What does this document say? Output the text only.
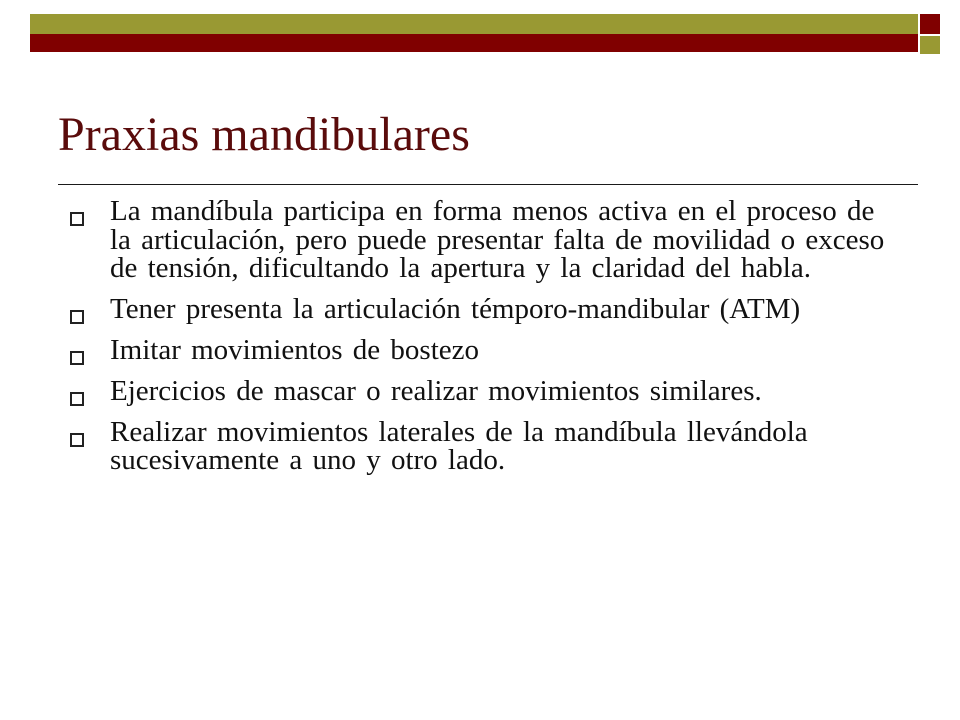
Praxias mandibulares

La mandíbula participa en forma menos activa en el proceso de la articulación, pero puede presentar falta de movilidad o exceso de tensión, dificultando la apertura y la claridad del habla.

Tener presenta la articulación témporo-mandibular (ATM)

Imitar movimientos de bostezo

Ejercicios de mascar o realizar movimientos similares.

Realizar movimientos laterales de la mandíbula llevándola sucesivamente a uno y otro lado.
